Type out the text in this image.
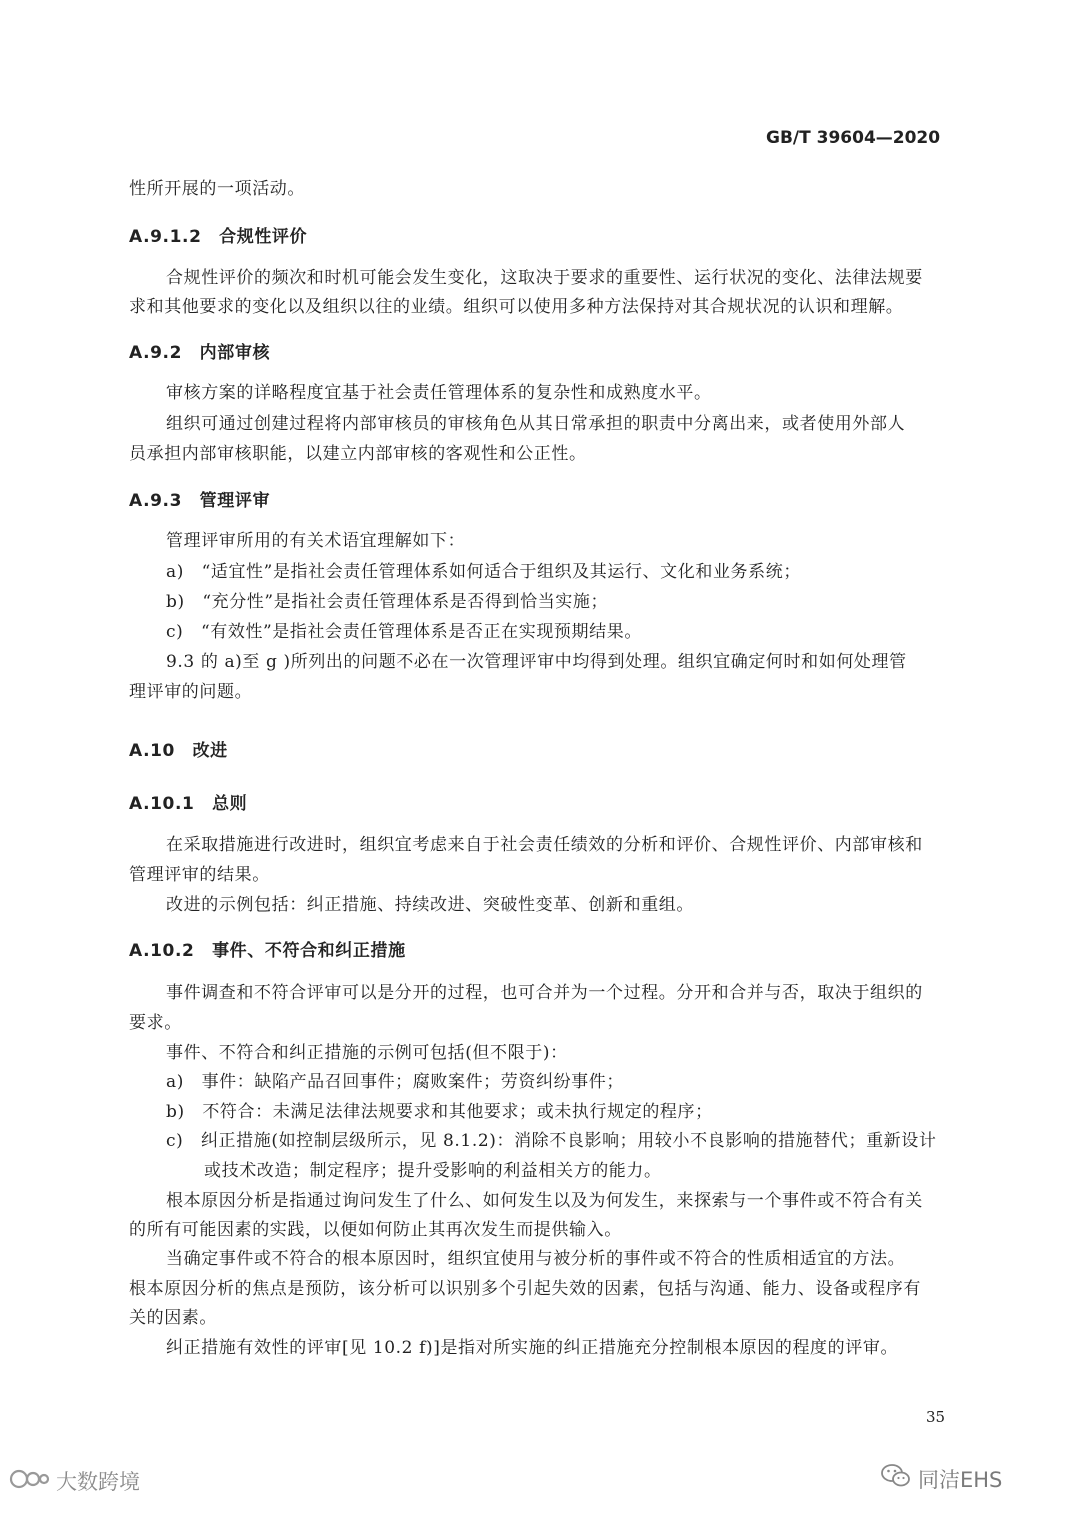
GB/T 39604—2020
性所开展的一项活动。
A.9.1.2　合规性评价
合规性评价的频次和时机可能会发生变化，这取决于要求的重要性、运行状况的变化、法律法规要
求和其他要求的变化以及组织以往的业绩。组织可以使用多种方法保持对其合规状况的认识和理解。
A.9.2　内部审核
审核方案的详略程度宜基于社会责任管理体系的复杂性和成熟度水平。
组织可通过创建过程将内部审核员的审核角色从其日常承担的职责中分离出来，或者使用外部人
员承担内部审核职能，以建立内部审核的客观性和公正性。
A.9.3　管理评审
管理评审所用的有关术语宜理解如下：
a)　“适宜性”是指社会责任管理体系如何适合于组织及其运行、文化和业务系统；
b)　“充分性”是指社会责任管理体系是否得到恰当实施；
c)　“有效性”是指社会责任管理体系是否正在实现预期结果。
9.3 的 a)至 g )所列出的问题不必在一次管理评审中均得到处理。组织宜确定何时和如何处理管
理评审的问题。
A.10　改进
A.10.1　总则
在采取措施进行改进时，组织宜考虑来自于社会责任绩效的分析和评价、合规性评价、内部审核和
管理评审的结果。
改进的示例包括：纠正措施、持续改进、突破性变革、创新和重组。
A.10.2　事件、不符合和纠正措施
事件调查和不符合评审可以是分开的过程，也可合并为一个过程。分开和合并与否，取决于组织的
要求。
事件、不符合和纠正措施的示例可包括(但不限于)：
a)　事件：缺陷产品召回事件；腐败案件；劳资纠纷事件；
b)　不符合：未满足法律法规要求和其他要求；或未执行规定的程序；
c)　纠正措施(如控制层级所示，见 8.1.2)：消除不良影响；用较小不良影响的措施替代；重新设计
或技术改造；制定程序；提升受影响的利益相关方的能力。
根本原因分析是指通过询问发生了什么、如何发生以及为何发生，来探索与一个事件或不符合有关
的所有可能因素的实践，以便如何防止其再次发生而提供输入。
当确定事件或不符合的根本原因时，组织宜使用与被分析的事件或不符合的性质相适宜的方法。
根本原因分析的焦点是预防，该分析可以识别多个引起失效的因素，包括与沟通、能力、设备或程序有
关的因素。
纠正措施有效性的评审[见 10.2 f)]是指对所实施的纠正措施充分控制根本原因的程度的评审。
35
大数跨境	同洁EHS
